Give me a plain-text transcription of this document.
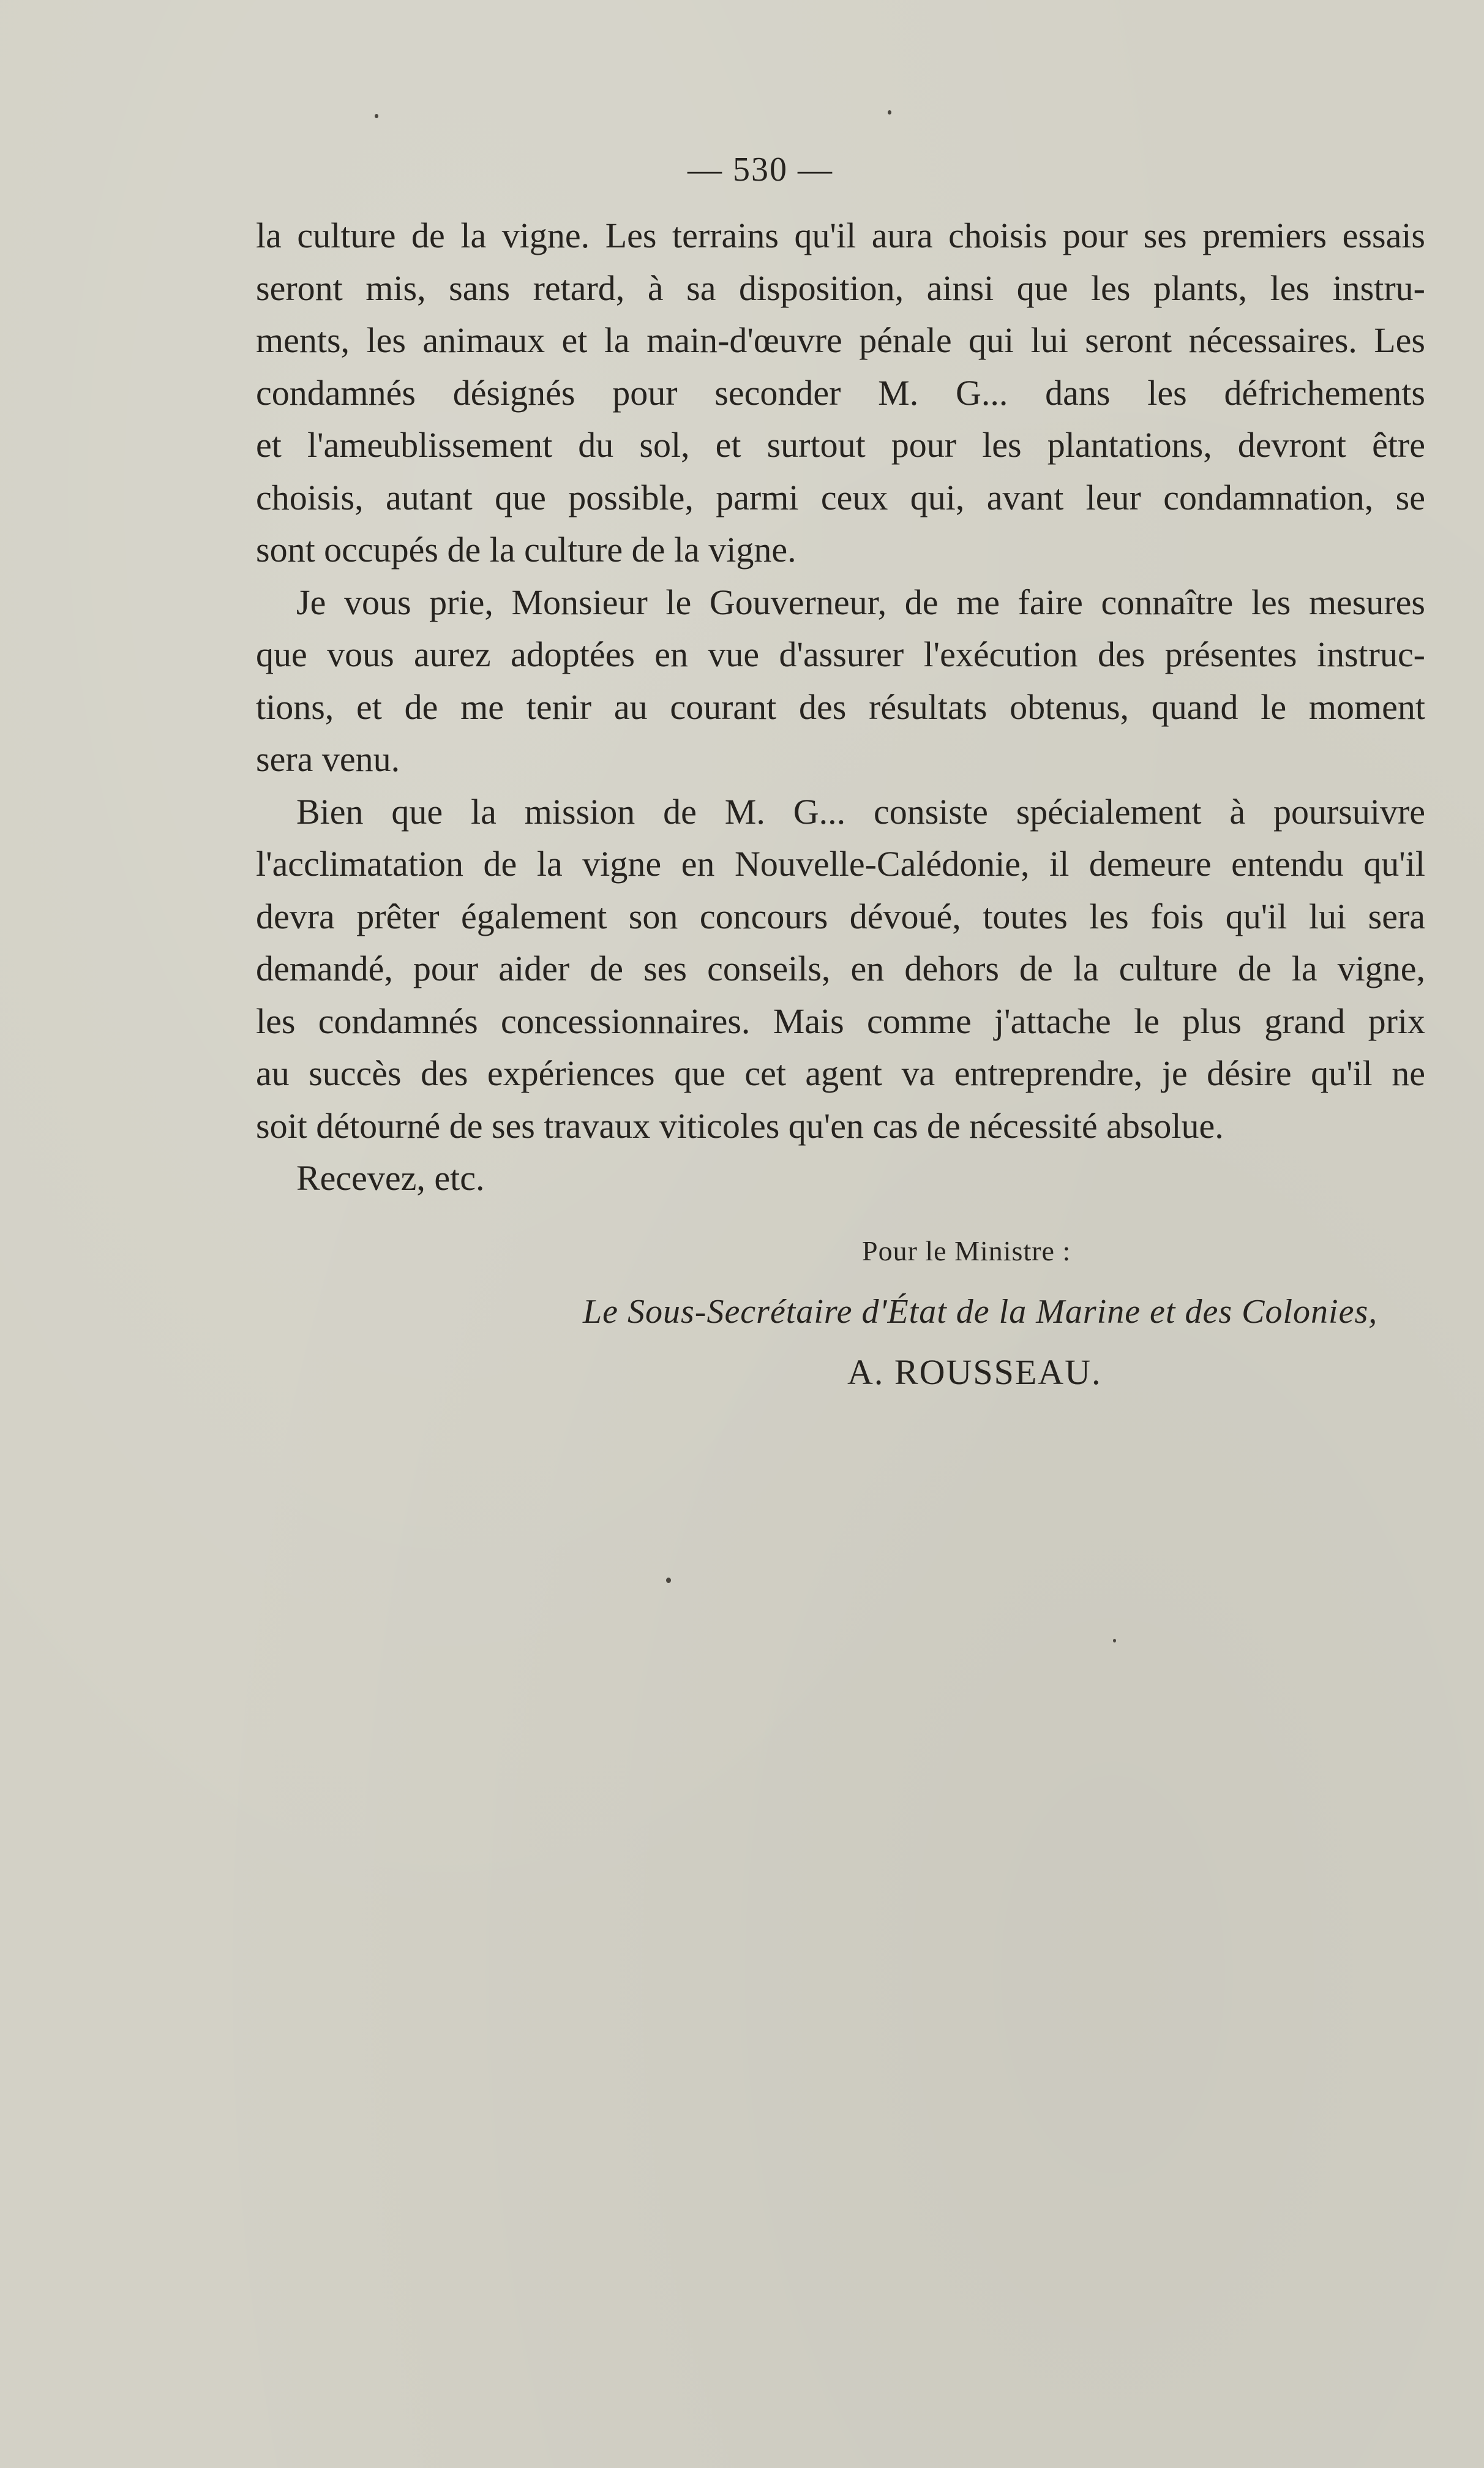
— 530 —
la culture de la vigne. Les terrains qu'il aura choisis pour ses premiers essais
seront mis, sans retard, à sa disposition, ainsi que les plants, les instru-
ments, les animaux et la main-d'œuvre pénale qui lui seront nécessaires. Les
condamnés désignés pour seconder M. G... dans les défrichements
et l'ameublissement du sol, et surtout pour les plantations, devront être
choisis, autant que possible, parmi ceux qui, avant leur condamnation, se
sont occupés de la culture de la vigne.
Je vous prie, Monsieur le Gouverneur, de me faire connaître les mesures
que vous aurez adoptées en vue d'assurer l'exécution des présentes instruc-
tions, et de me tenir au courant des résultats obtenus, quand le moment
sera venu.
Bien que la mission de M. G... consiste spécialement à poursuivre
l'acclimatation de la vigne en Nouvelle-Calédonie, il demeure entendu qu'il
devra prêter également son concours dévoué, toutes les fois qu'il lui sera
demandé, pour aider de ses conseils, en dehors de la culture de la vigne,
les condamnés concessionnaires. Mais comme j'attache le plus grand prix
au succès des expériences que cet agent va entreprendre, je désire qu'il ne
soit détourné de ses travaux viticoles qu'en cas de nécessité absolue.
Recevez, etc.
Pour le Ministre :
Le Sous-Secrétaire d'État de la Marine et des Colonies,
A. ROUSSEAU.
